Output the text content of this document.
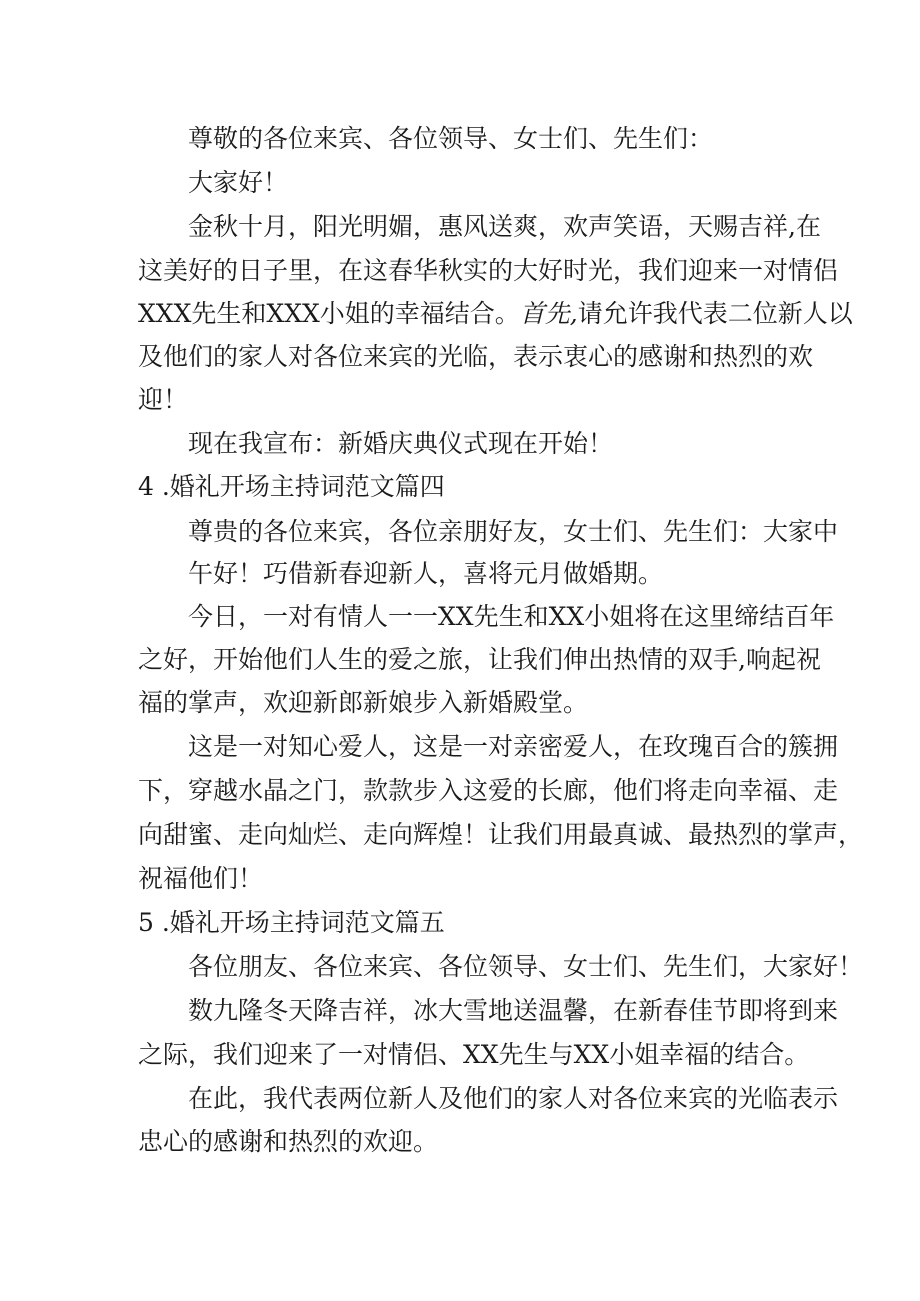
尊敬的各位来宾、各位领导、女士们、先生们：
大家好！
金秋十月，阳光明媚，惠风送爽，欢声笑语，天赐吉祥,在
这美好的日子里，在这春华秋实的大好时光，我们迎来一对情侣
XXX先生和XXX小姐的幸福结合。首先,请允许我代表二位新人以
及他们的家人对各位来宾的光临，表示衷心的感谢和热烈的欢
迎！
现在我宣布：新婚庆典仪式现在开始！
4 .婚礼开场主持词范文篇四
尊贵的各位来宾，各位亲朋好友，女士们、先生们：大家中
午好！巧借新春迎新人，喜将元月做婚期。
今日，一对有情人一一XX先生和XX小姐将在这里缔结百年
之好，开始他们人生的爱之旅，让我们伸出热情的双手,响起祝
福的掌声，欢迎新郎新娘步入新婚殿堂。
这是一对知心爱人，这是一对亲密爱人，在玫瑰百合的簇拥
下，穿越水晶之门，款款步入这爱的长廊，他们将走向幸福、走
向甜蜜、走向灿烂、走向辉煌！让我们用最真诚、最热烈的掌声，
祝福他们！
5 .婚礼开场主持词范文篇五
各位朋友、各位来宾、各位领导、女士们、先生们，大家好！
数九隆冬天降吉祥，冰大雪地送温馨，在新春佳节即将到来
之际，我们迎来了一对情侣、XX先生与XX小姐幸福的结合。
在此，我代表两位新人及他们的家人对各位来宾的光临表示
忠心的感谢和热烈的欢迎。
